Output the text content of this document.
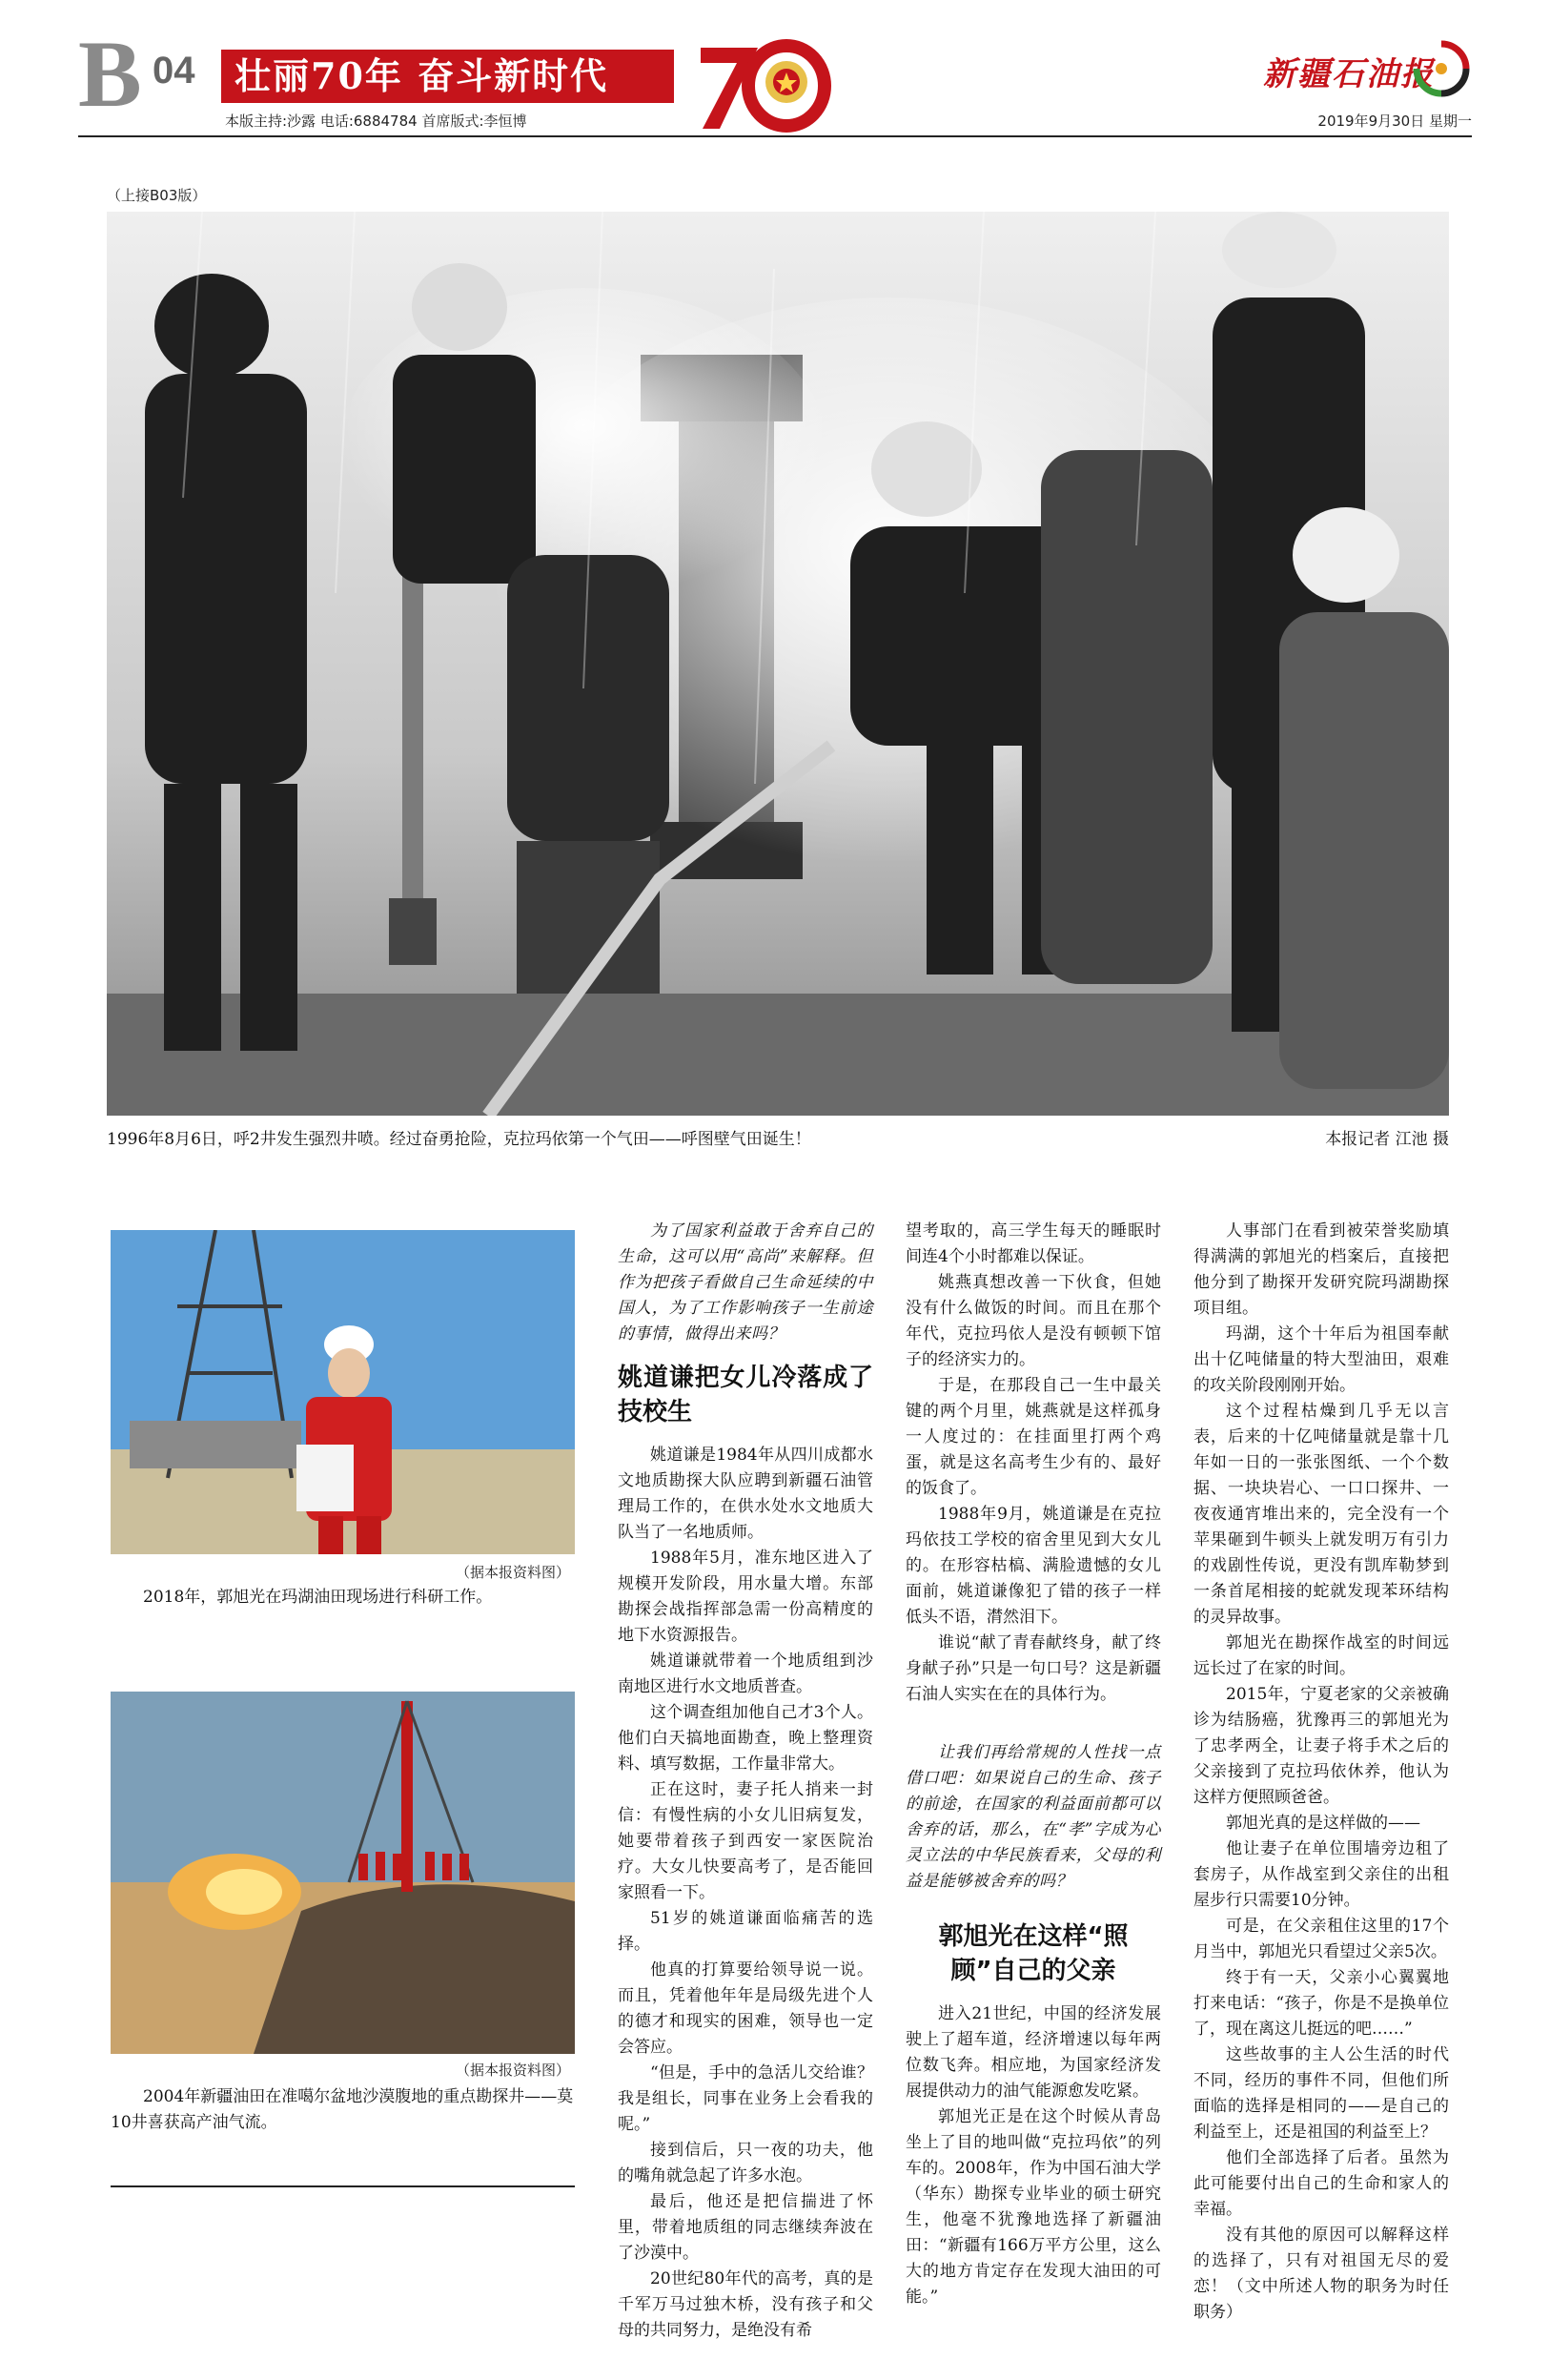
B 04	壮丽70年 奋斗新时代
70
本版主持:沙露 电话:6884784 首席版式:李恒博
新疆石油报
2019年9月30日 星期一
（上接B03版）
1996年8月6日，呼2井发生强烈井喷。经过奋勇抢险，克拉玛依第一个气田——呼图壁气田诞生！	本报记者 江池 摄
（据本报资料图）
2018年，郭旭光在玛湖油田现场进行科研工作。
（据本报资料图）
2004年新疆油田在准噶尔盆地沙漠腹地的重点勘探井——莫10井喜获高产油气流。

为了国家利益敢于舍弃自己的生命，这可以用“高尚”来解释。但作为把孩子看做自己生命延续的中国人，为了工作影响孩子一生前途的事情，做得出来吗？

姚道谦把女儿冷落成了技校生

姚道谦是1984年从四川成都水文地质勘探大队应聘到新疆石油管理局工作的，在供水处水文地质大队当了一名地质师。

1988年5月，准东地区进入了规模开发阶段，用水量大增。东部勘探会战指挥部急需一份高精度的地下水资源报告。

姚道谦就带着一个地质组到沙南地区进行水文地质普查。

这个调查组加他自己才3个人。他们白天搞地面勘查，晚上整理资料、填写数据，工作量非常大。

正在这时，妻子托人捎来一封信：有慢性病的小女儿旧病复发，她要带着孩子到西安一家医院治疗。大女儿快要高考了，是否能回家照看一下。

51岁的姚道谦面临痛苦的选择。

他真的打算要给领导说一说。而且，凭着他年年是局级先进个人的德才和现实的困难，领导也一定会答应。

“但是，手中的急活儿交给谁？我是组长，同事在业务上会看我的呢。”

接到信后，只一夜的功夫，他的嘴角就急起了许多水泡。

最后，他还是把信揣进了怀里，带着地质组的同志继续奔波在了沙漠中。

20世纪80年代的高考，真的是千军万马过独木桥，没有孩子和父母的共同努力，是绝没有希

望考取的，高三学生每天的睡眠时间连4个小时都难以保证。

姚燕真想改善一下伙食，但她没有什么做饭的时间。而且在那个年代，克拉玛依人是没有顿顿下馆子的经济实力的。

于是，在那段自己一生中最关键的两个月里，姚燕就是这样孤身一人度过的：在挂面里打两个鸡蛋，就是这名高考生少有的、最好的饭食了。

1988年9月，姚道谦是在克拉玛依技工学校的宿舍里见到大女儿的。在形容枯槁、满脸遗憾的女儿面前，姚道谦像犯了错的孩子一样低头不语，潸然泪下。

谁说“献了青春献终身，献了终身献子孙”只是一句口号？这是新疆石油人实实在在的具体行为。

让我们再给常规的人性找一点借口吧：如果说自己的生命、孩子的前途，在国家的利益面前都可以舍弃的话，那么，在“孝”字成为心灵立法的中华民族看来，父母的利益是能够被舍弃的吗？

郭旭光在这样“照顾”自己的父亲

进入21世纪，中国的经济发展驶上了超车道，经济增速以每年两位数飞奔。相应地，为国家经济发展提供动力的油气能源愈发吃紧。

郭旭光正是在这个时候从青岛坐上了目的地叫做“克拉玛依”的列车的。2008年，作为中国石油大学（华东）勘探专业毕业的硕士研究生，他毫不犹豫地选择了新疆油田：“新疆有166万平方公里，这么大的地方肯定存在发现大油田的可能。”

人事部门在看到被荣誉奖励填得满满的郭旭光的档案后，直接把他分到了勘探开发研究院玛湖勘探项目组。

玛湖，这个十年后为祖国奉献出十亿吨储量的特大型油田，艰难的攻关阶段刚刚开始。

这个过程枯燥到几乎无以言表，后来的十亿吨储量就是靠十几年如一日的一张张图纸、一个个数据、一块块岩心、一口口探井、一夜夜通宵堆出来的，完全没有一个苹果砸到牛顿头上就发明万有引力的戏剧性传说，更没有凯库勒梦到一条首尾相接的蛇就发现苯环结构的灵异故事。

郭旭光在勘探作战室的时间远远长过了在家的时间。

2015年，宁夏老家的父亲被确诊为结肠癌，犹豫再三的郭旭光为了忠孝两全，让妻子将手术之后的父亲接到了克拉玛依休养，他认为这样方便照顾爸爸。

郭旭光真的是这样做的——

他让妻子在单位围墙旁边租了套房子，从作战室到父亲住的出租屋步行只需要10分钟。

可是，在父亲租住这里的17个月当中，郭旭光只看望过父亲5次。

终于有一天，父亲小心翼翼地打来电话：“孩子，你是不是换单位了，现在离这儿挺远的吧……”

这些故事的主人公生活的时代不同，经历的事件不同，但他们所面临的选择是相同的——是自己的利益至上，还是祖国的利益至上？

他们全部选择了后者。虽然为此可能要付出自己的生命和家人的幸福。

没有其他的原因可以解释这样的选择了，只有对祖国无尽的爱恋！（文中所述人物的职务为时任职务）
